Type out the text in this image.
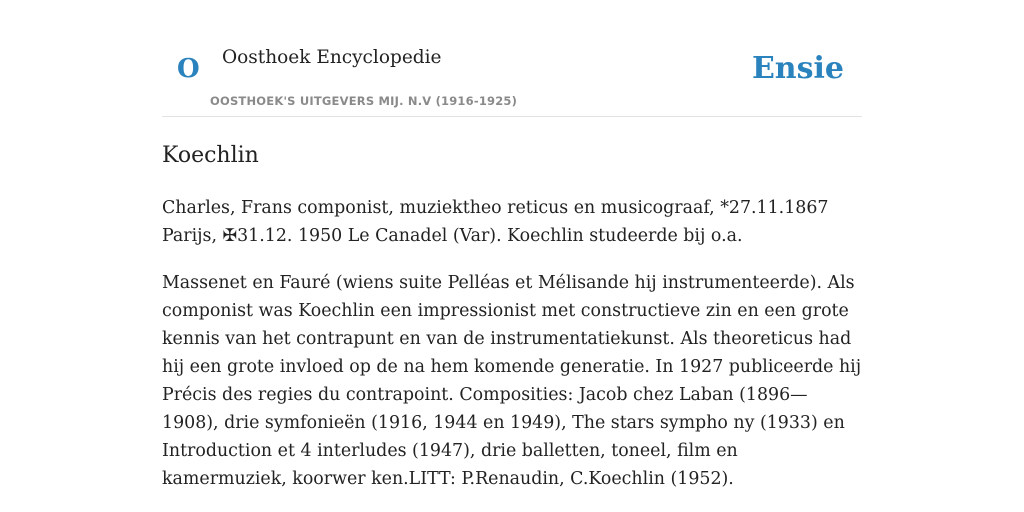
O Oosthoek Encyclopedie
OOSTHOEK'S UITGEVERS MIJ. N.V (1916-1925)
Ensie
Koechlin

Charles, Frans componist, muziektheo reticus en musicograaf, *27.11.1867 Parijs, ✠31.12. 1950 Le Canadel (Var). Koechlin studeerde bij o.a.

Massenet en Fauré (wiens suite Pelléas et Mélisande hij instrumenteerde). Als componist was Koechlin een impressionist met constructieve zin en een grote kennis van het contrapunt en van de instrumentatiekunst. Als theoreticus had hij een grote invloed op de na hem komende generatie. In 1927 publiceerde hij Précis des regies du contrapoint. Composities: Jacob chez Laban (1896—1908), drie symfonieën (1916, 1944 en 1949), The stars sympho ny (1933) en Introduction et 4 interludes (1947), drie balletten, toneel, film en kamermuziek, koorwer ken.LITT: P.Renaudin, C.Koechlin (1952).
